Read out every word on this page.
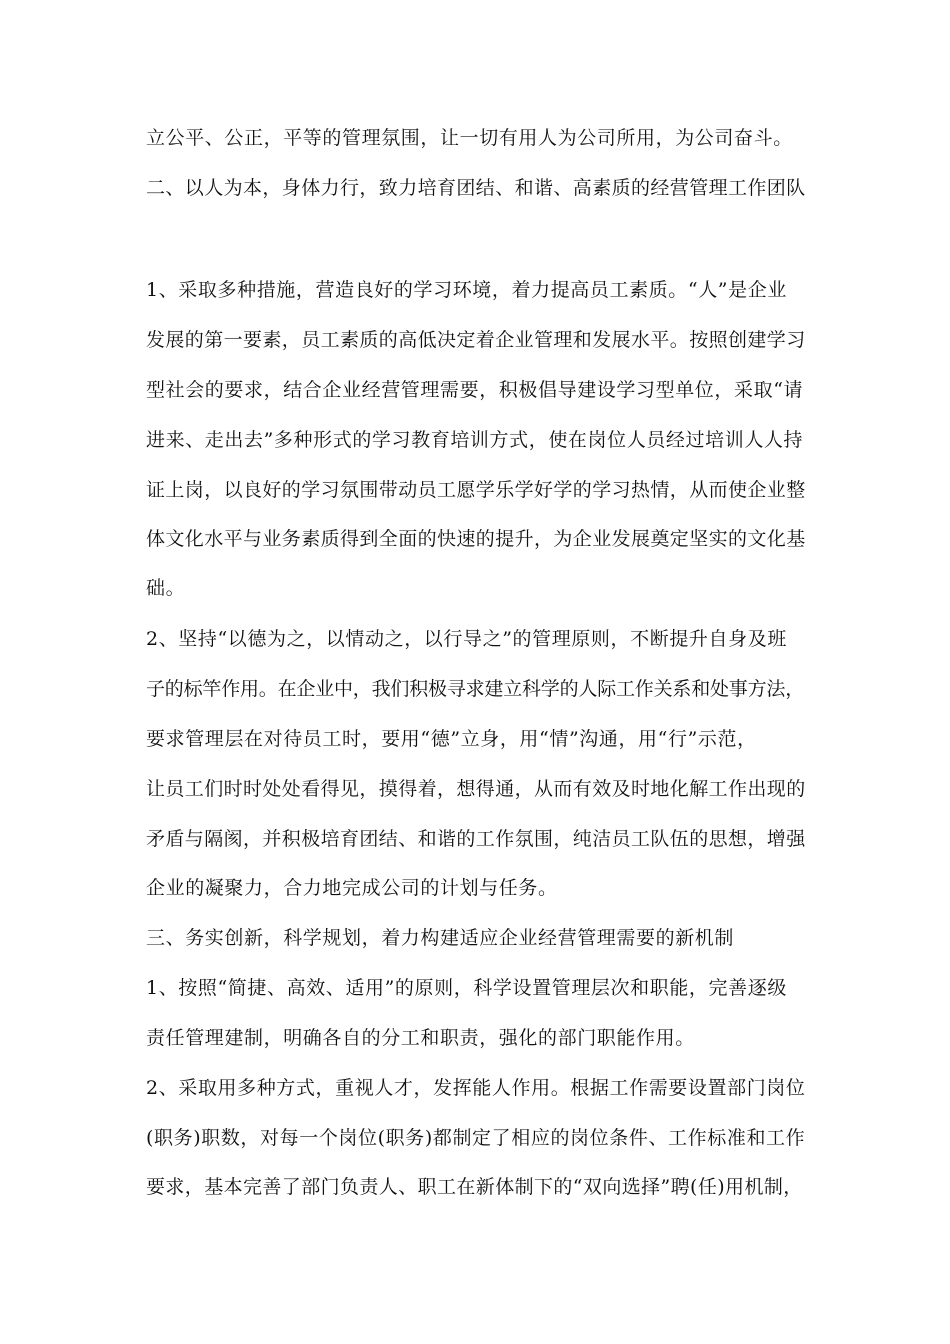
立公平、公正，平等的管理氛围，让一切有用人为公司所用，为公司奋斗。
二、以人为本，身体力行，致力培育团结、和谐、高素质的经营管理工作团队
1、采取多种措施，营造良好的学习环境，着力提高员工素质。“人”是企业
发展的第一要素，员工素质的高低决定着企业管理和发展水平。按照创建学习
型社会的要求，结合企业经营管理需要，积极倡导建设学习型单位，采取“请
进来、走出去”多种形式的学习教育培训方式，使在岗位人员经过培训人人持
证上岗，以良好的学习氛围带动员工愿学乐学好学的学习热情，从而使企业整
体文化水平与业务素质得到全面的快速的提升，为企业发展奠定坚实的文化基
础。
2、坚持“以德为之，以情动之，以行导之”的管理原则，不断提升自身及班
子的标竿作用。在企业中，我们积极寻求建立科学的人际工作关系和处事方法，
要求管理层在对待员工时，要用“德”立身，用“情”沟通，用“行”示范，
让员工们时时处处看得见，摸得着，想得通，从而有效及时地化解工作出现的
矛盾与隔阂，并积极培育团结、和谐的工作氛围，纯洁员工队伍的思想，增强
企业的凝聚力，合力地完成公司的计划与任务。
三、务实创新，科学规划，着力构建适应企业经营管理需要的新机制
1、按照“简捷、高效、适用”的原则，科学设置管理层次和职能，完善逐级
责任管理建制，明确各自的分工和职责，强化的部门职能作用。
2、采取用多种方式，重视人才，发挥能人作用。根据工作需要设置部门岗位
(职务)职数，对每一个岗位(职务)都制定了相应的岗位条件、工作标准和工作
要求，基本完善了部门负责人、职工在新体制下的“双向选择”聘(任)用机制，
